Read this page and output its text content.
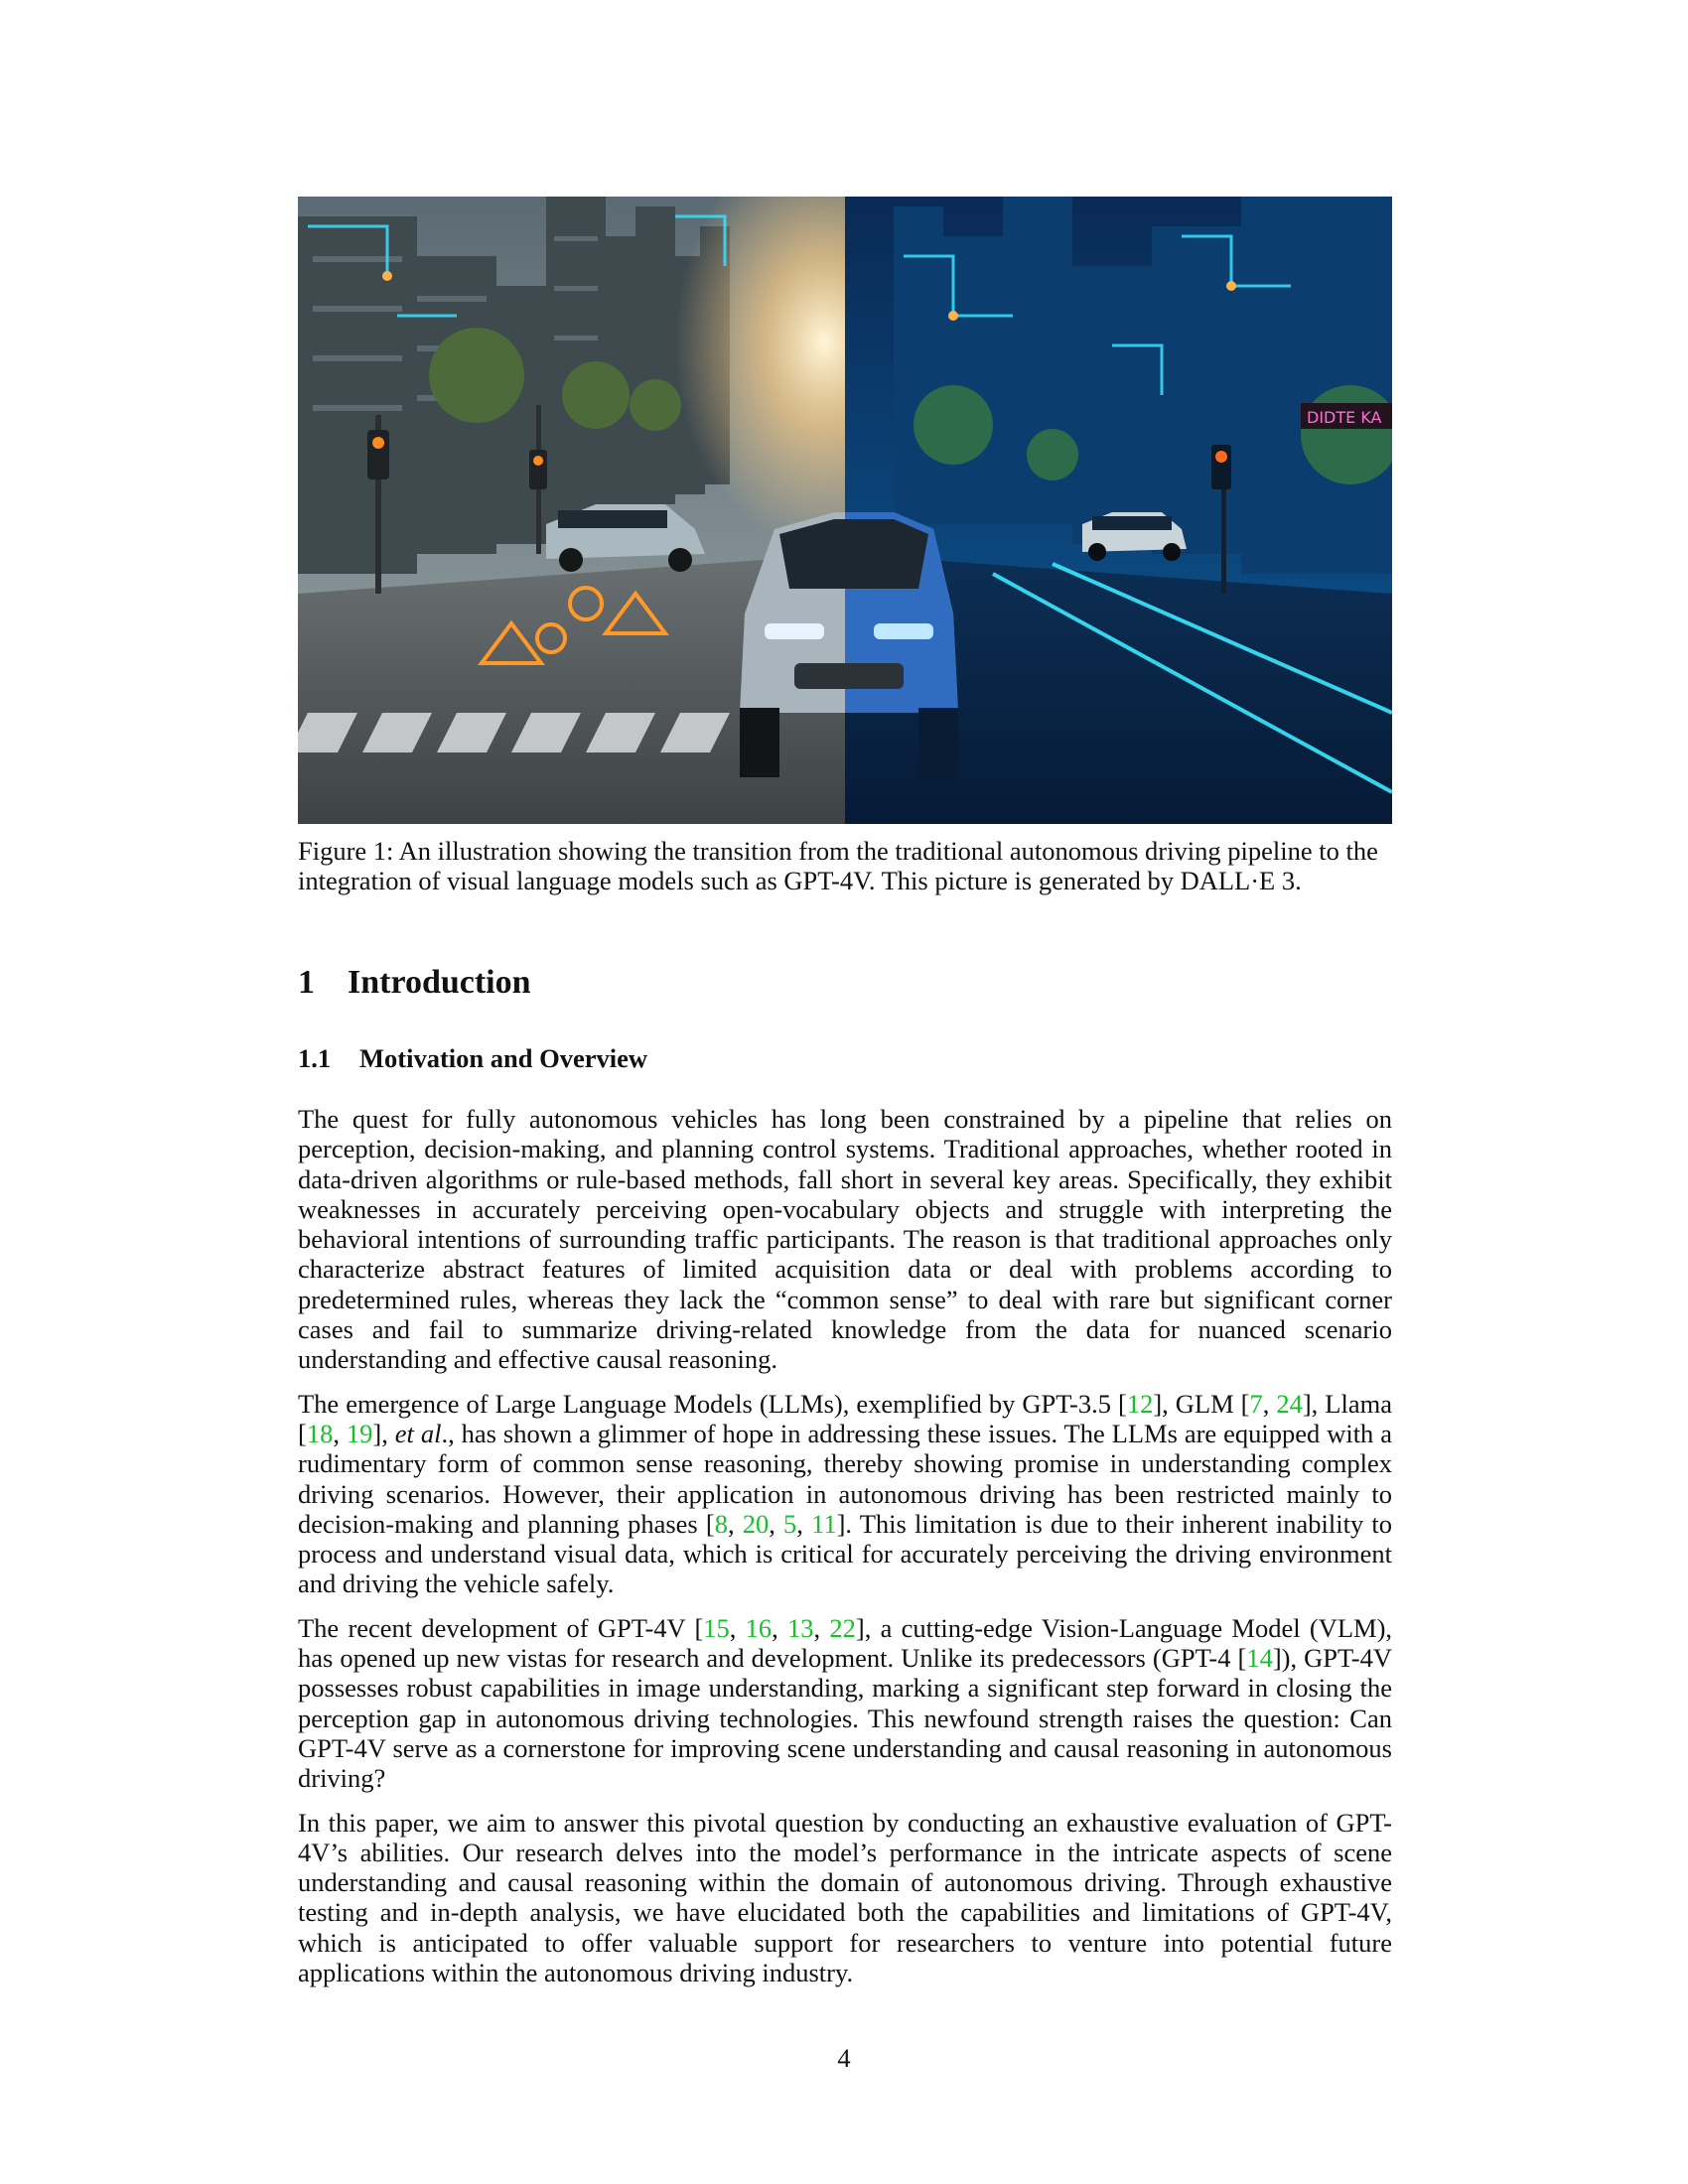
DIDTE KA
Figure 1: An illustration showing the transition from the traditional autonomous driving pipeline to the integration of visual language models such as GPT-4V. This picture is generated by DALL·E 3.
1 Introduction
1.1 Motivation and Overview

The quest for fully autonomous vehicles has long been constrained by a pipeline that relies on perception, decision-making, and planning control systems. Traditional approaches, whether rooted in data-driven algorithms or rule-based methods, fall short in several key areas. Specifically, they exhibit weaknesses in accurately perceiving open-vocabulary objects and struggle with interpreting the behavioral intentions of surrounding traffic participants. The reason is that traditional approaches only characterize abstract features of limited acquisition data or deal with problems according to predetermined rules, whereas they lack the “common sense” to deal with rare but significant corner cases and fail to summarize driving-related knowledge from the data for nuanced scenario understanding and effective causal reasoning.

The emergence of Large Language Models (LLMs), exemplified by GPT-3.5 [12], GLM [7, 24], Llama [18, 19], et al., has shown a glimmer of hope in addressing these issues. The LLMs are equipped with a rudimentary form of common sense reasoning, thereby showing promise in understanding complex driving scenarios. However, their application in autonomous driving has been restricted mainly to decision-making and planning phases [8, 20, 5, 11]. This limitation is due to their inherent inability to process and understand visual data, which is critical for accurately perceiving the driving environment and driving the vehicle safely.

The recent development of GPT-4V [15, 16, 13, 22], a cutting-edge Vision-Language Model (VLM), has opened up new vistas for research and development. Unlike its predecessors (GPT-4 [14]), GPT-4V possesses robust capabilities in image understanding, marking a significant step forward in closing the perception gap in autonomous driving technologies. This newfound strength raises the question: Can GPT-4V serve as a cornerstone for improving scene understanding and causal reasoning in autonomous driving?

In this paper, we aim to answer this pivotal question by conducting an exhaustive evaluation of GPT-4V’s abilities. Our research delves into the model’s performance in the intricate aspects of scene understanding and causal reasoning within the domain of autonomous driving. Through exhaustive testing and in-depth analysis, we have elucidated both the capabilities and limitations of GPT-4V, which is anticipated to offer valuable support for researchers to venture into potential future applications within the autonomous driving industry.

4
